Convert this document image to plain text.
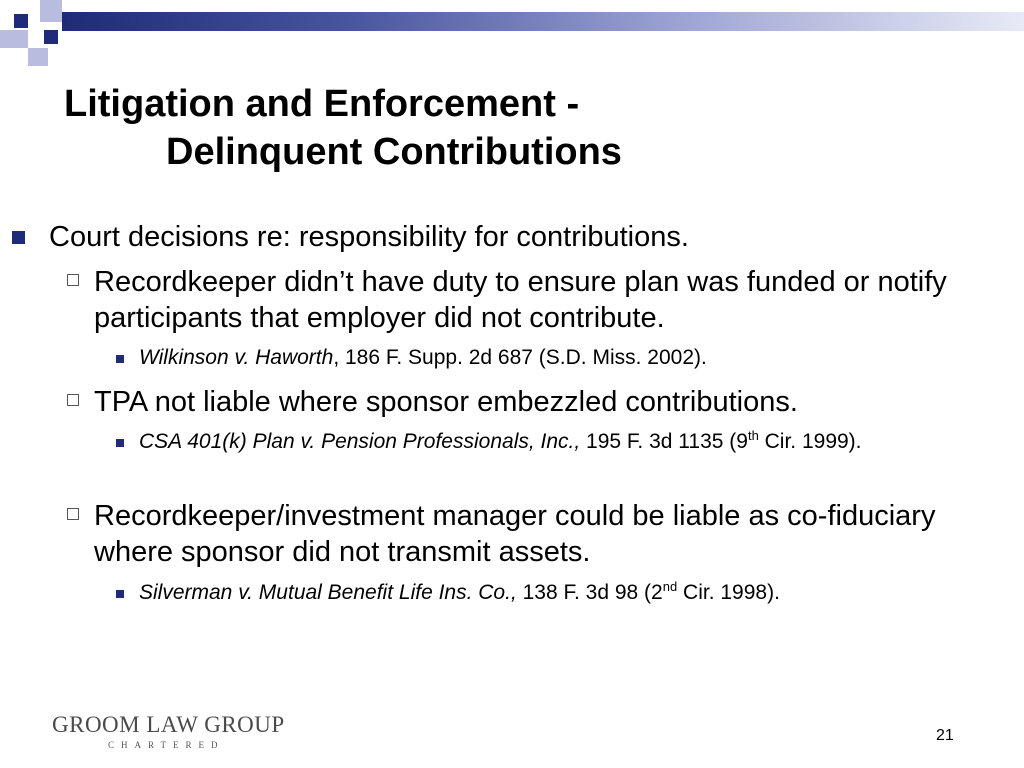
Litigation and Enforcement -
Delinquent Contributions
Court decisions re: responsibility for contributions.
Recordkeeper didn’t have duty to ensure plan was funded or notify participants that employer did not contribute.
Wilkinson v. Haworth, 186 F. Supp. 2d 687 (S.D. Miss. 2002).
TPA not liable where sponsor embezzled contributions.
CSA 401(k) Plan v. Pension Professionals, Inc., 195 F. 3d 1135 (9th Cir. 1999).
Recordkeeper/investment manager could be liable as co-fiduciary where sponsor did not transmit assets.
Silverman v. Mutual Benefit Life Ins. Co., 138 F. 3d 98 (2nd Cir. 1998).
GROOM LAW GROUP
CHARTERED
21
